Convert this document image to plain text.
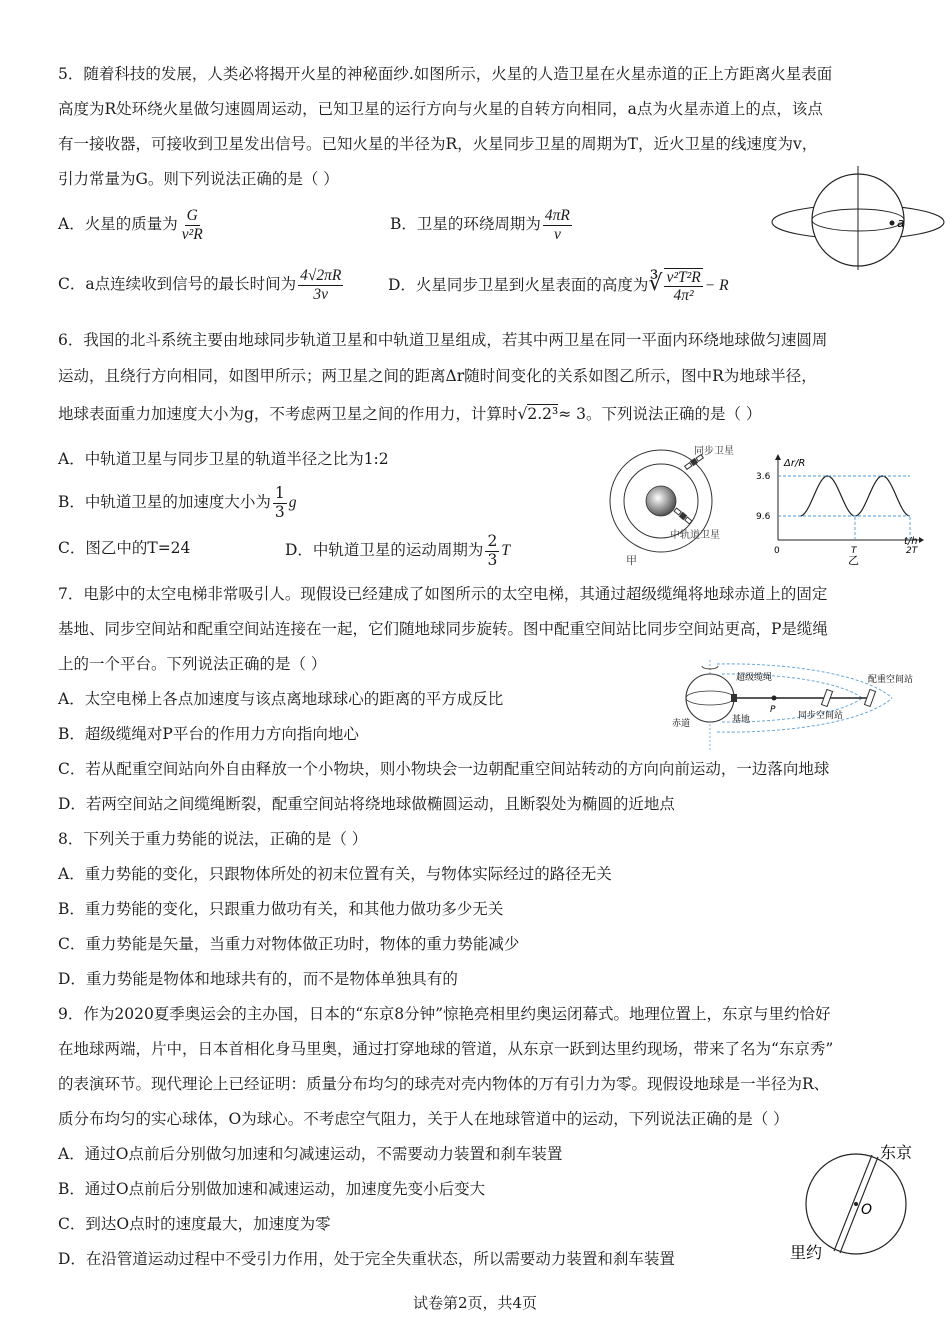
5．随着科技的发展，人类必将揭开火星的神秘面纱.如图所示，火星的人造卫星在火星赤道的正上方距离火星表面
高度为R处环绕火星做匀速圆周运动，已知卫星的运行方向与火星的自转方向相同，a点为火星赤道上的点，该点
有一接收器，可接收到卫星发出信号。已知火星的半径为R，火星同步卫星的周期为T，近火卫星的线速度为v，
引力常量为G。则下列说法正确的是（ ）
A．火星的质量为 $\frac{G}{\text{v²R}}$	B．卫星的环绕周期为 $\frac{4\pi R}{v}$
C．a点连续收到信号的最长时间为 $\frac{4√2\pi R}{3v}$	D．火星同步卫星到火星表面的高度为∛ $\frac{\text{v²T²R}}{\text{4π²}} - R$
a
6．我国的北斗系统主要由地球同步轨道卫星和中轨道卫星组成，若其中两卫星在同一平面内环绕地球做匀速圆周
运动，且绕行方向相同，如图甲所示；两卫星之间的距离Δr随时间变化的关系如图乙所示，图中R为地球半径，
地球表面重力加速度大小为g，不考虑两卫星之间的作用力，计算时√2.2³≈ 3。下列说法正确的是（ ）
A．中轨道卫星与同步卫星的轨道半径之比为1:2
B．中轨道卫星的加速度大小为 $\frac{1}{3}$ g
C．图乙中的T=24	D．中轨道卫星的运动周期为 $\frac{2}{3}$ T
同步卫星
中轨道卫星
甲
Δr/R
t/h
乙
9.6
3.6
0	T	2T
7．电影中的太空电梯非常吸引人。现假设已经建成了如图所示的太空电梯，其通过超级缆绳将地球赤道上的固定
基地、同步空间站和配重空间站连接在一起，它们随地球同步旋转。图中配重空间站比同步空间站更高，P是缆绳
上的一个平台。下列说法正确的是（ ）
A．太空电梯上各点加速度与该点离地球球心的距离的平方成反比
B．超级缆绳对P平台的作用力方向指向地心
C．若从配重空间站向外自由释放一个小物块，则小物块会一边朝配重空间站转动的方向向前运动，一边落向地球
D．若两空间站之间缆绳断裂，配重空间站将绕地球做椭圆运动，且断裂处为椭圆的近地点
超级缆绳	配重空间站
赤道	基地
P
同步空间站
8．下列关于重力势能的说法，正确的是（ ）
A．重力势能的变化，只跟物体所处的初末位置有关，与物体实际经过的路径无关
B．重力势能的变化，只跟重力做功有关，和其他力做功多少无关
C．重力势能是矢量，当重力对物体做正功时，物体的重力势能减少
D．重力势能是物体和地球共有的，而不是物体单独具有的
9．作为2020夏季奥运会的主办国，日本的“东京8分钟”惊艳亮相里约奥运闭幕式。地理位置上，东京与里约恰好
在地球两端，片中，日本首相化身马里奥，通过打穿地球的管道，从东京一跃到达里约现场，带来了名为“东京秀”
的表演环节。现代理论上已经证明：质量分布均匀的球壳对壳内物体的万有引力为零。现假设地球是一半径为R、
质分布均匀的实心球体，O为球心。不考虑空气阻力，关于人在地球管道中的运动，下列说法正确的是（ ）
A．通过O点前后分别做匀加速和匀减速运动，不需要动力装置和刹车装置
B．通过O点前后分别做加速和减速运动，加速度先变小后变大
C．到达O点时的速度最大，加速度为零
D．在沿管道运动过程中不受引力作用，处于完全失重状态，所以需要动力装置和刹车装置
东京
O
里约
试卷第2页，共4页
